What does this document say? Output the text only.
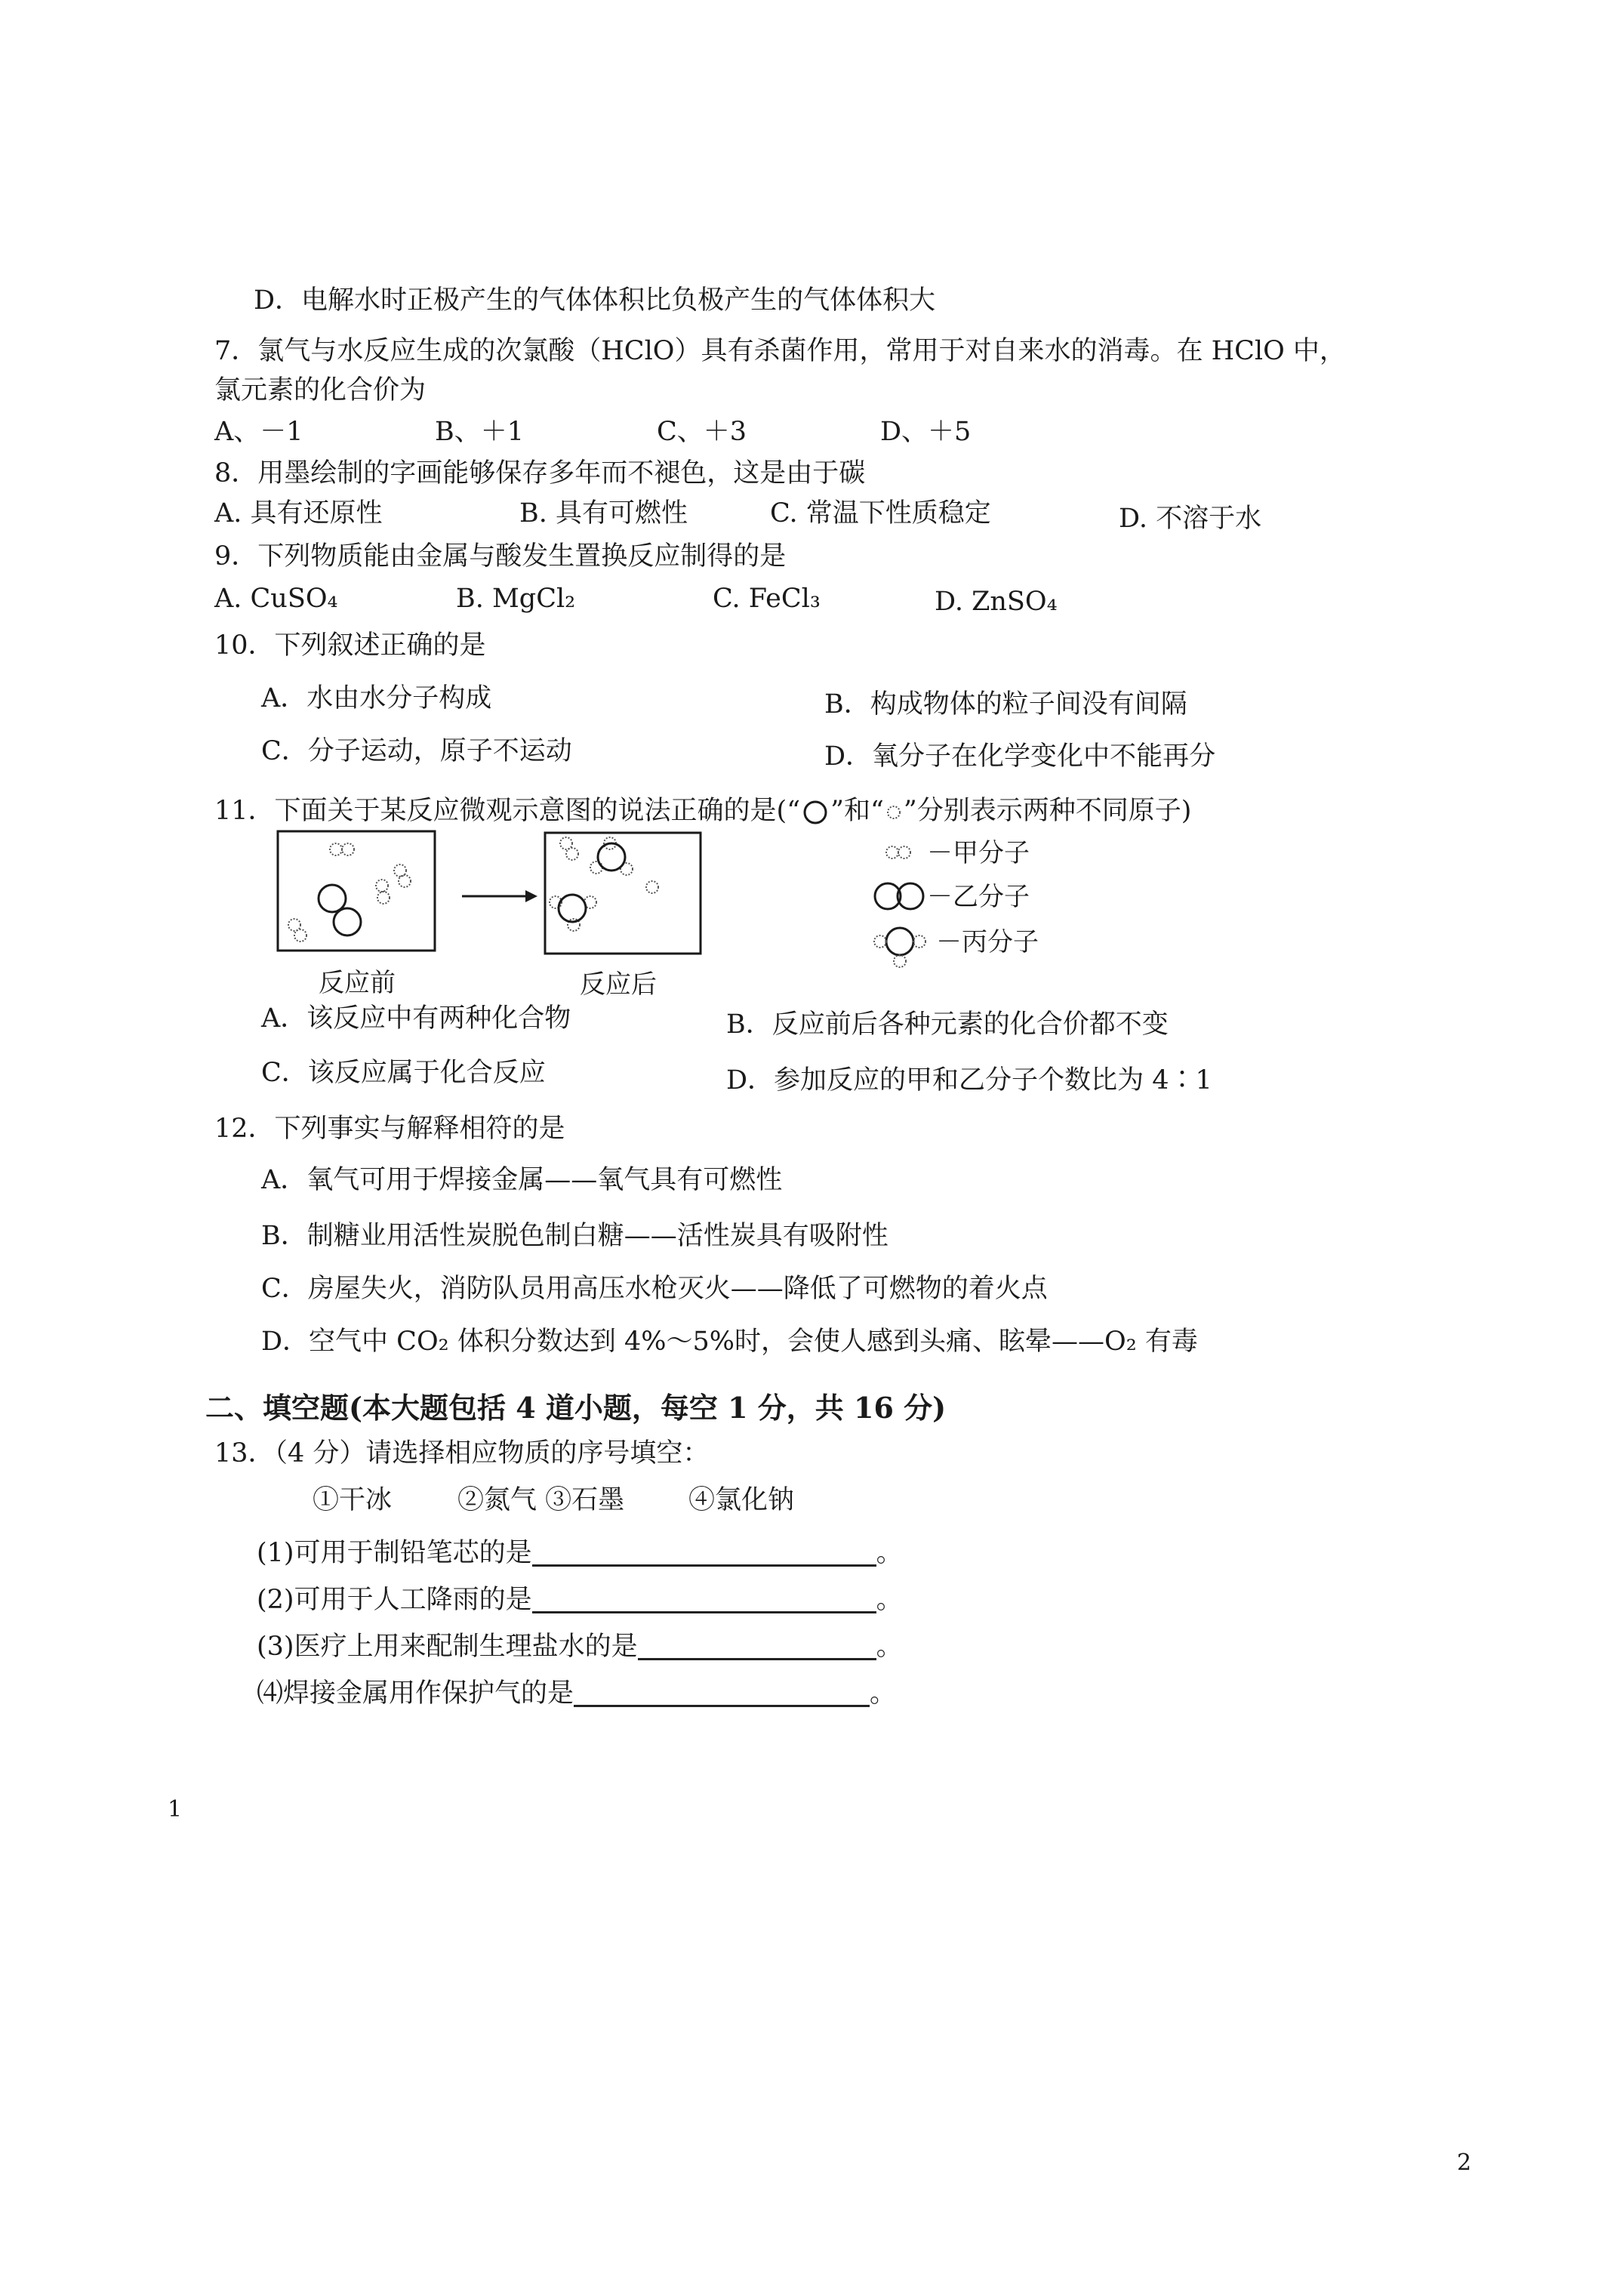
D．电解水时正极产生的气体体积比负极产生的气体体积大
7．氯气与水反应生成的次氯酸（HClO）具有杀菌作用，常用于对自来水的消毒。在 HClO 中，
氯元素的化合价为
A、－1	B、＋1	C、＋3	D、＋5
8．用墨绘制的字画能够保存多年而不褪色，这是由于碳
A. 具有还原性	B. 具有可燃性	C. 常温下性质稳定	D. 不溶于水
9．下列物质能由金属与酸发生置换反应制得的是
A. CuSO₄	B. MgCl₂	C. FeCl₃	D. ZnSO₄
10．下列叙述正确的是
A．水由水分子构成	B．构成物体的粒子间没有间隔
C．分子运动，原子不运动	D．氧分子在化学变化中不能再分
11．下面关于某反应微观示意图的说法正确的是(“ ”和“ ”分别表示两种不同原子)
反应前	反应后
－甲分子
－乙分子
－丙分子
A．该反应中有两种化合物	B．反应前后各种元素的化合价都不变
C．该反应属于化合反应	D．参加反应的甲和乙分子个数比为 4∶1
12．下列事实与解释相符的是
A．氧气可用于焊接金属——氧气具有可燃性
B．制糖业用活性炭脱色制白糖——活性炭具有吸附性
C．房屋失火，消防队员用高压水枪灭火——降低了可燃物的着火点
D．空气中 CO₂ 体积分数达到 4%～5%时，会使人感到头痛、眩晕——O₂ 有毒
二、填空题(本大题包括 4 道小题，每空 1 分，共 16 分)
13．（4 分）请选择相应物质的序号填空：
①干冰 ②氮气 ③石墨 ④氯化钠
(1)可用于制铅笔芯的是	。
(2)可用于人工降雨的是	。
(3)医疗上用来配制生理盐水的是	。
⑷焊接金属用作保护气的是	。
1
2
